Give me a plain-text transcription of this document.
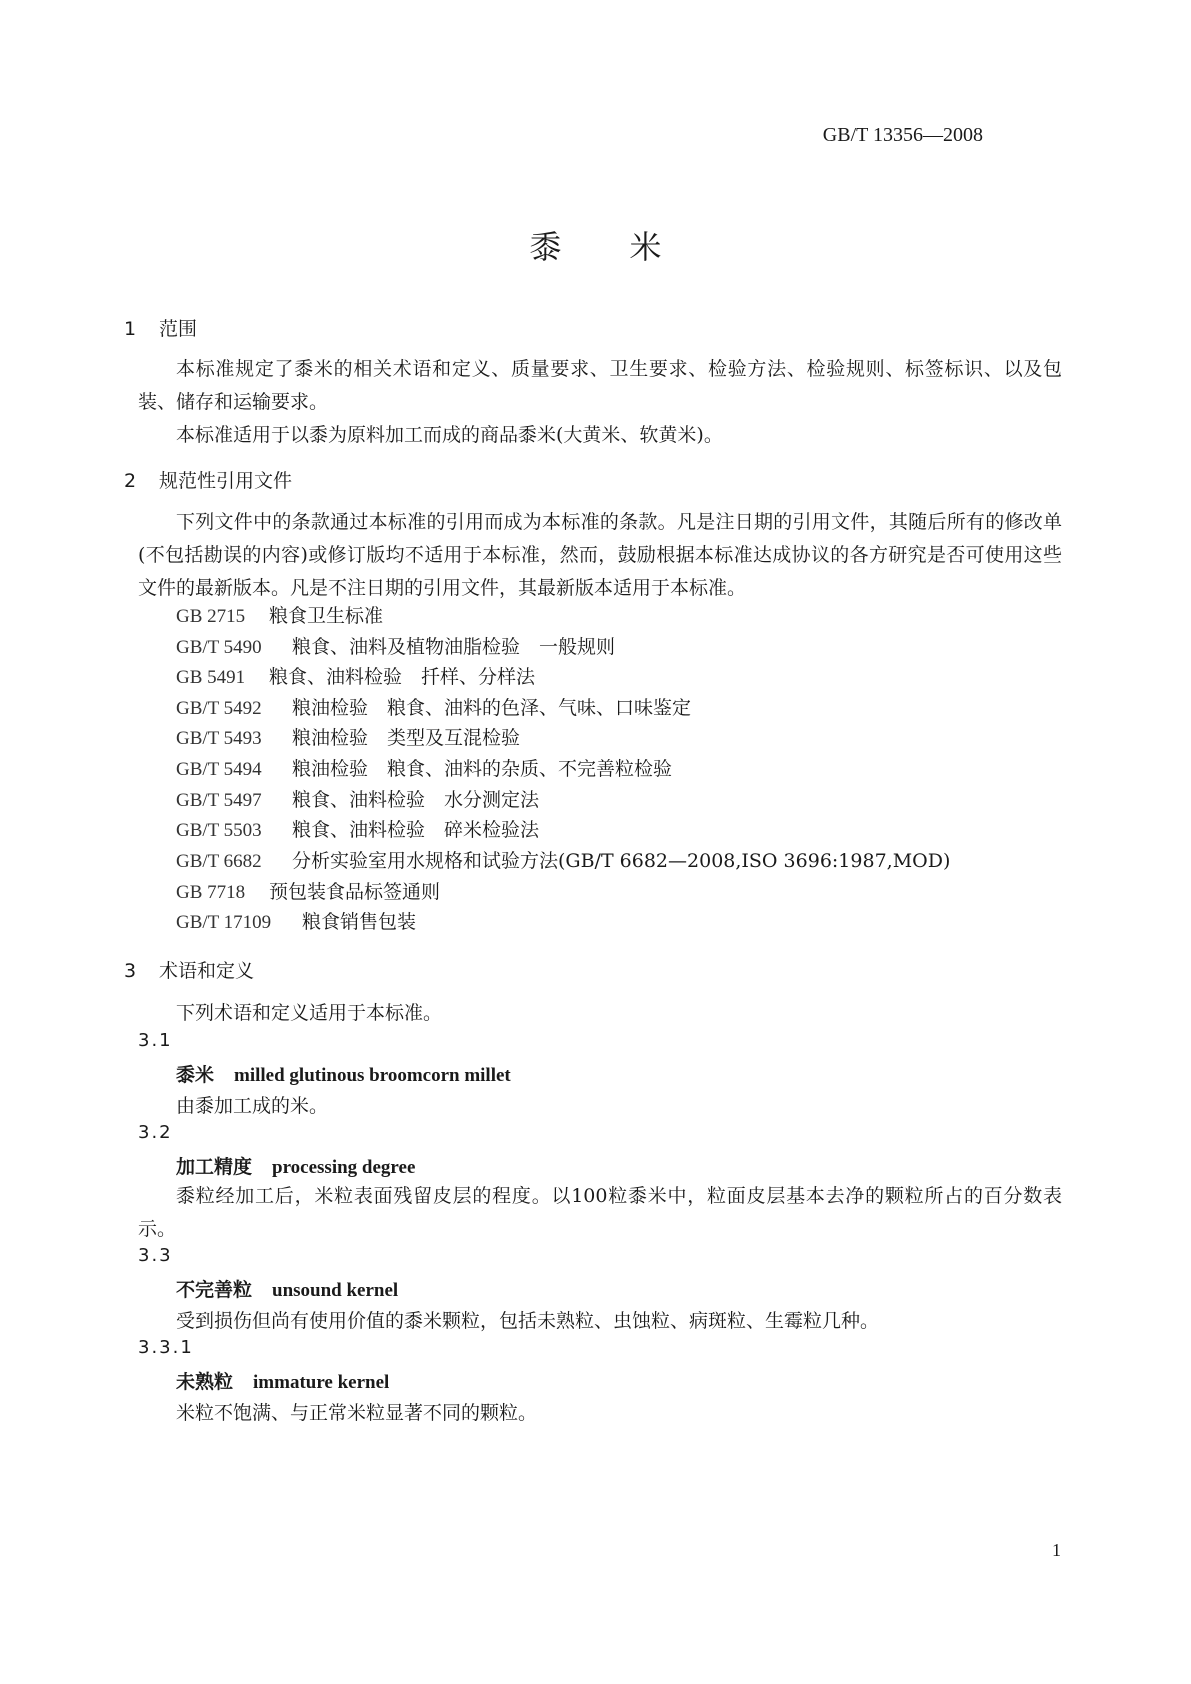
GB/T 13356—2008
黍米
1 范围
本标准规定了黍米的相关术语和定义、质量要求、卫生要求、检验方法、检验规则、标签标识、以及包装、储存和运输要求。
本标准适用于以黍为原料加工而成的商品黍米(大黄米、软黄米)。
2 规范性引用文件
下列文件中的条款通过本标准的引用而成为本标准的条款。凡是注日期的引用文件，其随后所有的修改单(不包括勘误的内容)或修订版均不适用于本标准，然而，鼓励根据本标准达成协议的各方研究是否可使用这些文件的最新版本。凡是不注日期的引用文件，其最新版本适用于本标准。
GB 2715 粮食卫生标准
GB/T 5490 粮食、油料及植物油脂检验　一般规则
GB 5491 粮食、油料检验　扦样、分样法
GB/T 5492 粮油检验　粮食、油料的色泽、气味、口味鉴定
GB/T 5493 粮油检验　类型及互混检验
GB/T 5494 粮油检验　粮食、油料的杂质、不完善粒检验
GB/T 5497 粮食、油料检验　水分测定法
GB/T 5503 粮食、油料检验　碎米检验法
GB/T 6682 分析实验室用水规格和试验方法(GB/T 6682—2008,ISO 3696:1987,MOD)
GB 7718 预包装食品标签通则
GB/T 17109 粮食销售包装
3 术语和定义
下列术语和定义适用于本标准。
3.1
黍米 milled glutinous broomcorn millet
由黍加工成的米。
3.2
加工精度 processing degree
黍粒经加工后，米粒表面残留皮层的程度。以100粒黍米中，粒面皮层基本去净的颗粒所占的百分数表示。
3.3
不完善粒 unsound kernel
受到损伤但尚有使用价值的黍米颗粒，包括未熟粒、虫蚀粒、病斑粒、生霉粒几种。
3.3.1
未熟粒 immature kernel
米粒不饱满、与正常米粒显著不同的颗粒。
1
